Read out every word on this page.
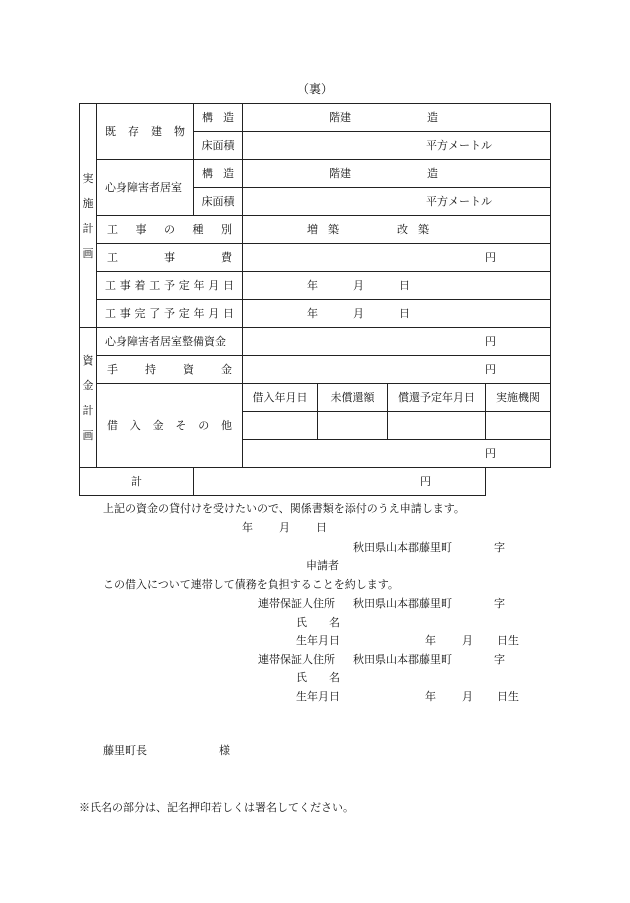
（裏）
実
施
計
画	既存建物	構造	階建 造			
		床面積	平方メートル			
	心身障害者居室	構造	階建 造			
		床面積	平方メートル			
	工事の種別		増築 改築			
	工事費		円			
	工事着工予定年月日		年 月 日			
	工事完了予定年月日		年 月 日			

資
金
計
画	心身障害者居室整備資金		円			
	手持資金		円			
	借入金その他		借入年月日	未償還額	償還予定年月日	実施機関

			円			
計		円				
上記の資金の貸付けを受けたいので、関係書類を添付のうえ申請します。
年 月 日
秋田県山本郡藤里町	字
申請者
この借入について連帯して債務を負担することを約します。
連帯保証人住所 秋田県山本郡藤里町	字
氏　　名
生年月日	年 月 日生
連帯保証人住所 秋田県山本郡藤里町	字
氏　　名
生年月日	年 月 日生
藤里町長	様
※氏名の部分は、記名押印若しくは署名してください。
